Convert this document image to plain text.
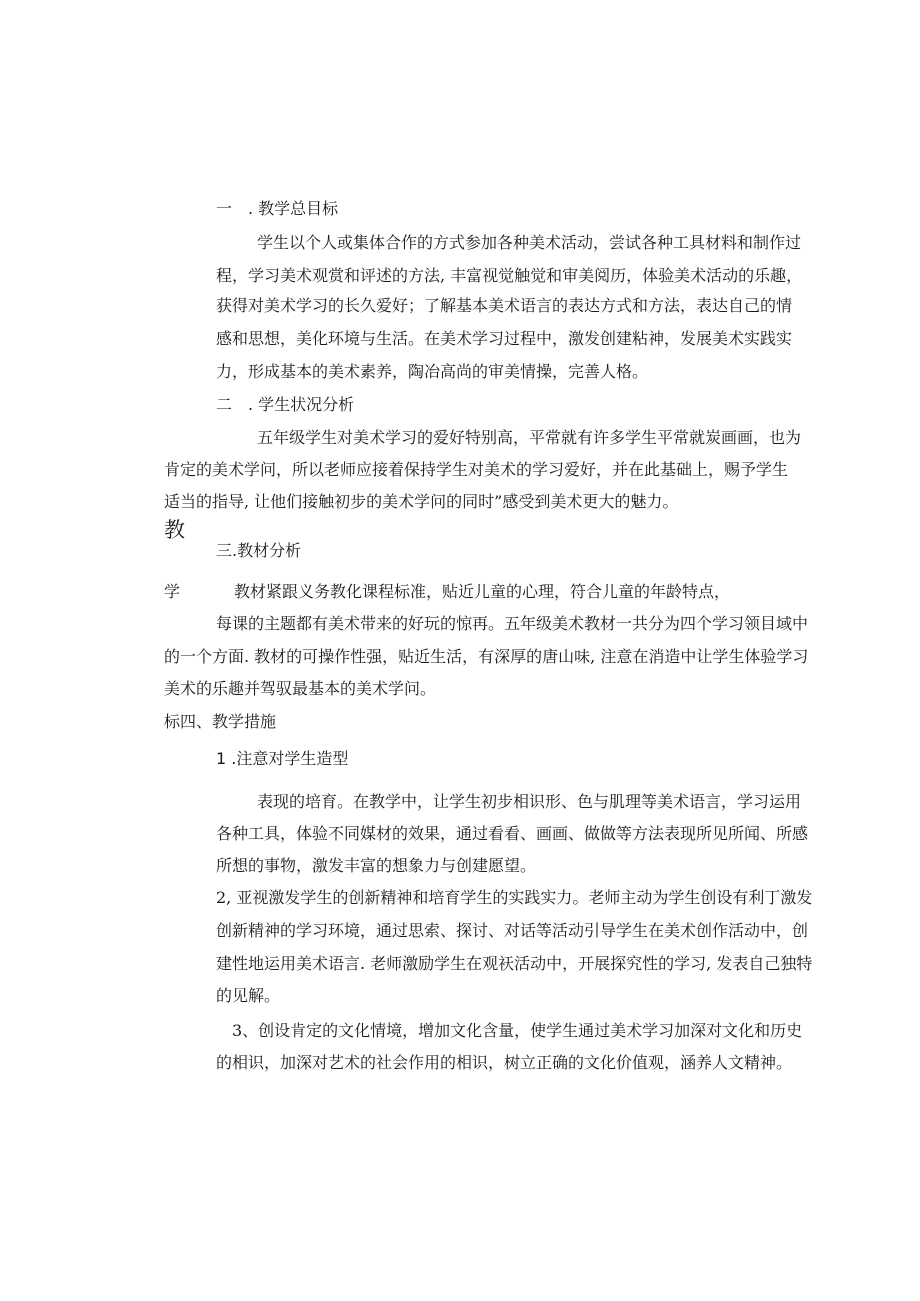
一　. 教学总目标
学生以个人或集体合作的方式参加各种美术活动，尝试各种工具材料和制作过
程，学习美术观赏和评述的方法, 丰富视觉触觉和审美阅历，体验美术活动的乐趣，
获得对美术学习的长久爱好；了解基本美术语言的表达方式和方法，表达自己的情
感和思想，美化环境与生活。在美术学习过程中，激发创建粘神，发展美术实践实
力，形成基本的美术素养，陶冶高尚的审美情操，完善人格。
二　. 学生状况分析
五年级学生对美术学习的爱好特别高，平常就有许多学生平常就炭画画，也为
肯定的美术学问，所以老师应接着保持学生对美术的学习爱好，并在此基础上，赐予学生
适当的指导, 让他们接触初步的美术学问的同时”感受到美术更大的魅力。
教
三.教材分析
学	教材紧跟义务教化课程标准，贴近儿童的心理，符合儿童的年龄特点，
每课的主题都有美术带来的好玩的惊再。五年级美术教材一共分为四个学习领目域中
的一个方面. 教材的可操作性强，贴近生活，有深厚的唐山味, 注意在消造中让学生体验学习
美术的乐趣并驾驭最基本的美术学问。
标四、教学措施
1 .注意对学生造型
表现的培育。在教学中，让学生初步相识形、色与肌理等美术语言，学习运用
各种工具，体验不同媒材的效果，通过看看、画画、做做等方法表现所见所闻、所感
所想的事物，激发丰富的想象力与创建愿望。
2, 亚视激发学生的创新精神和培育学生的实践实力。老师主动为学生创设有利丁激发
创新精神的学习环境，通过思索、探讨、对话等活动引导学生在美术创作活动中，创
建性地运用美术语言. 老师激励学生在观祆活动中，开展探究性的学习, 发表自己独特
的见解。
3、创设肯定的文化情境，增加文化含量，使学生通过美术学习加深对文化和历史
的相识，加深对艺术的社会作用的相识，树立正确的文化价值观，涵养人文精神。
